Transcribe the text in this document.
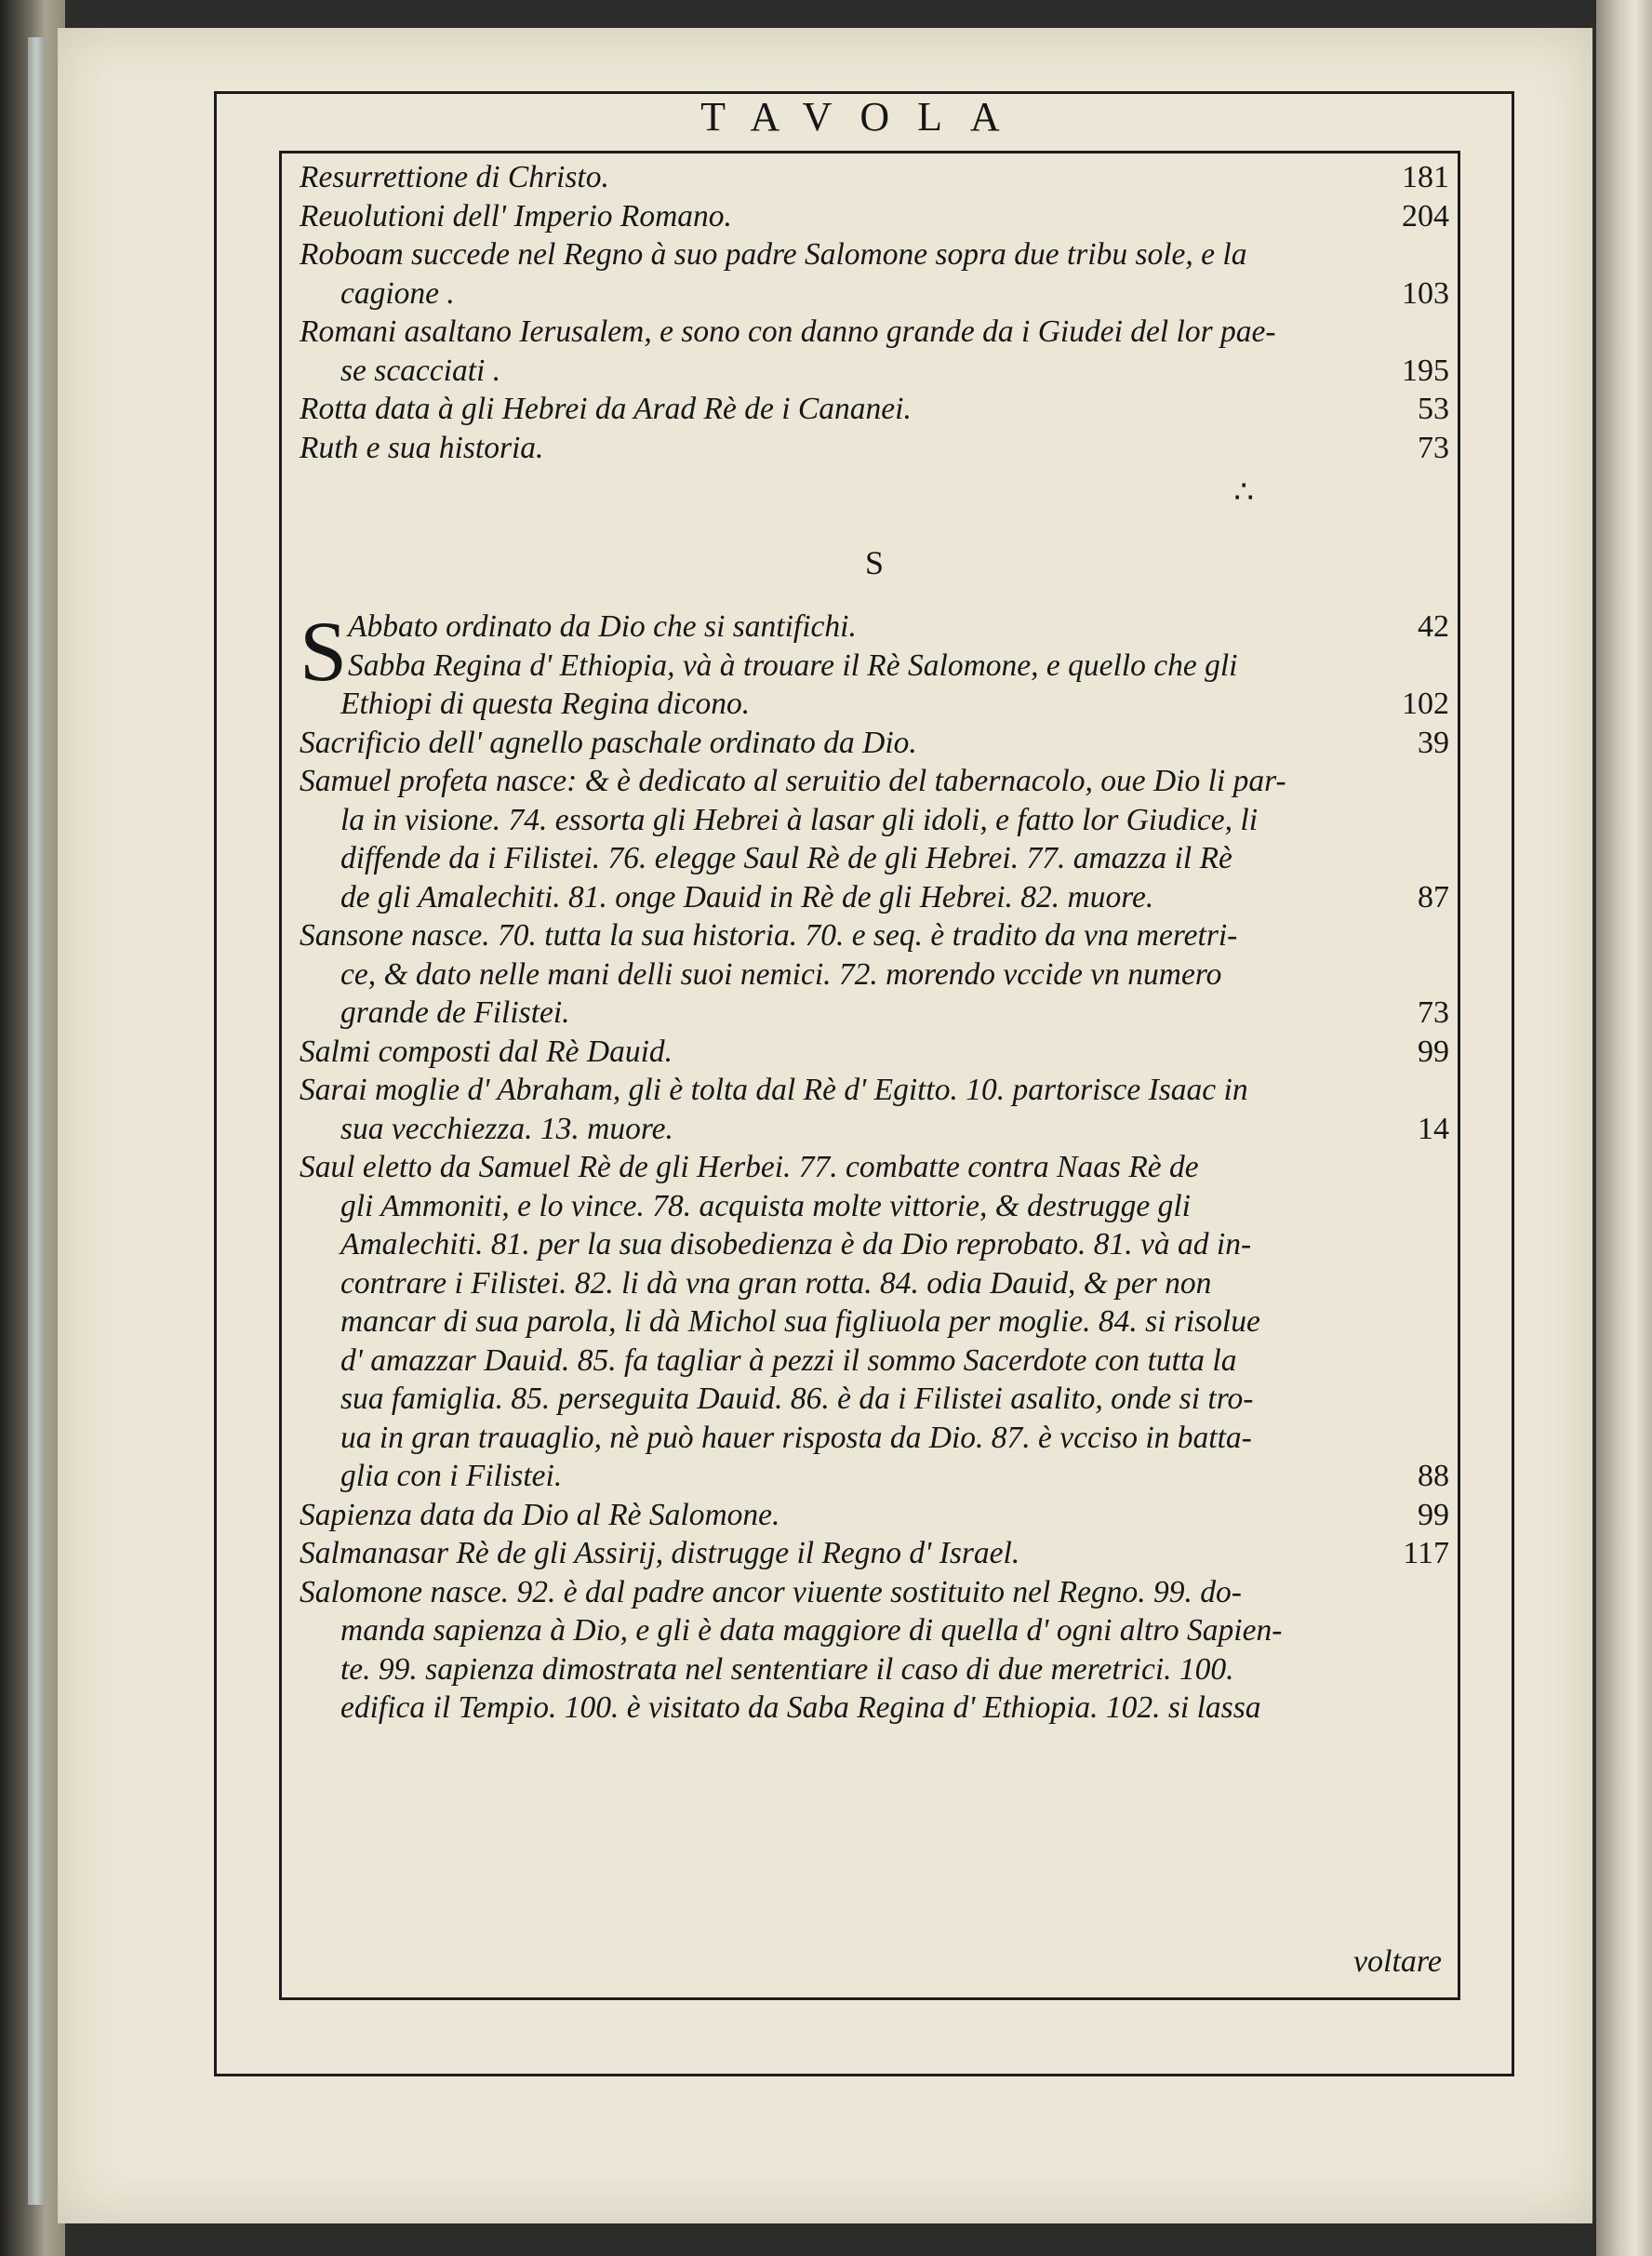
TAVOLA
Resurrettione di Christo.	181
Reuolutioni dell' Imperio Romano.	204
Roboam succede nel Regno à suo padre Salomone sopra due tribu sole, e la
cagione .	103
Romani asaltano Ierusalem, e sono con danno grande da i Giudei del lor pae-
se scacciati .	195
Rotta data à gli Hebrei da Arad Rè de i Cananei.	53
Ruth e sua historia.	73
∴
S
S Abbato ordinato da Dio che si santifichi.	42
Sabba Regina d' Ethiopia, và à trouare il Rè Salomone, e quello che gli
Ethiopi di questa Regina dicono.	102
Sacrificio dell' agnello paschale ordinato da Dio.	39
Samuel profeta nasce: & è dedicato al seruitio del tabernacolo, oue Dio li par-
la in visione. 74. essorta gli Hebrei à lasar gli idoli, e fatto lor Giudice, li
diffende da i Filistei. 76. elegge Saul Rè de gli Hebrei. 77. amazza il Rè
de gli Amalechiti. 81. onge Dauid in Rè de gli Hebrei. 82. muore.	87
Sansone nasce. 70. tutta la sua historia. 70. e seq. è tradito da vna meretri-
ce, & dato nelle mani delli suoi nemici. 72. morendo vccide vn numero
grande de Filistei.	73
Salmi composti dal Rè Dauid.	99
Sarai moglie d' Abraham, gli è tolta dal Rè d' Egitto. 10. partorisce Isaac in
sua vecchiezza. 13. muore.	14
Saul eletto da Samuel Rè de gli Herbei. 77. combatte contra Naas Rè de
gli Ammoniti, e lo vince. 78. acquista molte vittorie, & destrugge gli
Amalechiti. 81. per la sua disobedienza è da Dio reprobato. 81. và ad in-
contrare i Filistei. 82. li dà vna gran rotta. 84. odia Dauid, & per non
mancar di sua parola, li dà Michol sua figliuola per moglie. 84. si risolue
d' amazzar Dauid. 85. fa tagliar à pezzi il sommo Sacerdote con tutta la
sua famiglia. 85. perseguita Dauid. 86. è da i Filistei asalito, onde si tro-
ua in gran trauaglio, nè può hauer risposta da Dio. 87. è vcciso in batta-
glia con i Filistei.	88
Sapienza data da Dio al Rè Salomone.	99
Salmanasar Rè de gli Assirij, distrugge il Regno d' Israel.	117
Salomone nasce. 92. è dal padre ancor viuente sostituito nel Regno. 99. do-
manda sapienza à Dio, e gli è data maggiore di quella d' ogni altro Sapien-
te. 99. sapienza dimostrata nel sententiare il caso di due meretrici. 100.
edifica il Tempio. 100. è visitato da Saba Regina d' Ethiopia. 102. si lassa
voltare
